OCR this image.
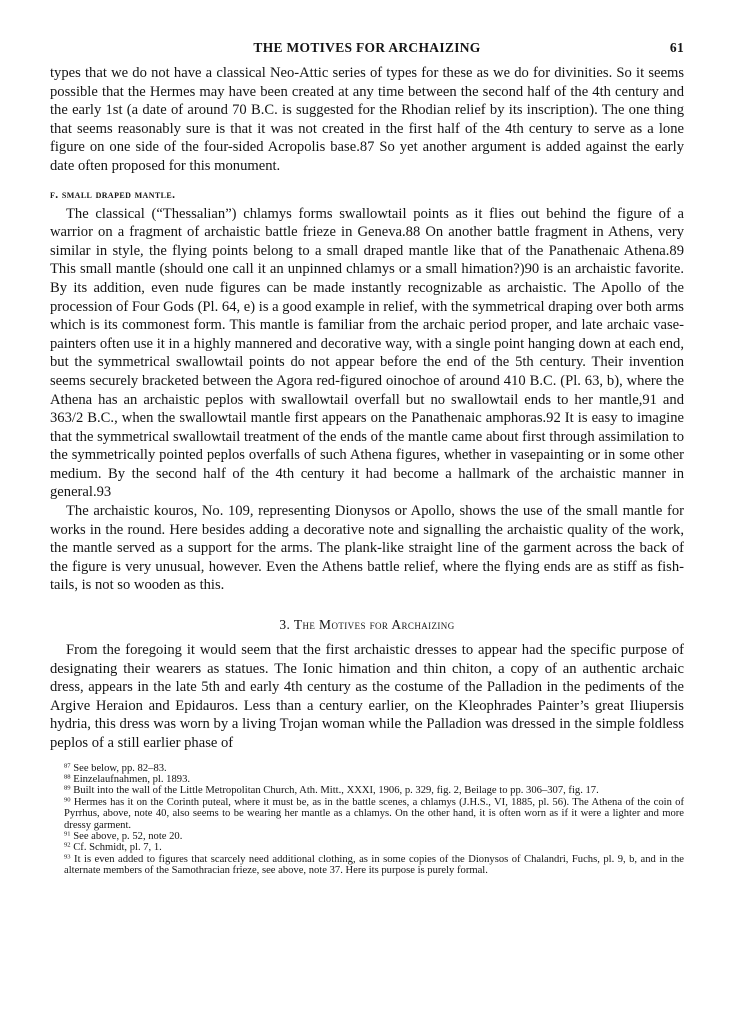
THE MOTIVES FOR ARCHAIZING	61

types that we do not have a classical Neo-Attic series of types for these as we do for divinities. So it seems possible that the Hermes may have been created at any time between the second half of the 4th century and the early 1st (a date of around 70 B.C. is suggested for the Rhodian relief by its inscription). The one thing that seems reasonably sure is that it was not created in the first half of the 4th century to serve as a lone figure on one side of the four-sided Acropolis base.87 So yet another argument is added against the early date often proposed for this monument.

f. small draped mantle.

The classical (“Thessalian”) chlamys forms swallowtail points as it flies out behind the figure of a warrior on a fragment of archaistic battle frieze in Geneva.88 On another battle fragment in Athens, very similar in style, the flying points belong to a small draped mantle like that of the Panathenaic Athena.89 This small mantle (should one call it an unpinned chlamys or a small himation?)90 is an archaistic favorite. By its addition, even nude figures can be made instantly recognizable as archaistic. The Apollo of the procession of Four Gods (Pl. 64, e) is a good example in relief, with the symmetrical draping over both arms which is its commonest form. This mantle is familiar from the archaic period proper, and late archaic vase-painters often use it in a highly mannered and decorative way, with a single point hanging down at each end, but the symmetrical swallowtail points do not appear before the end of the 5th century. Their invention seems securely bracketed between the Agora red-figured oinochoe of around 410 B.C. (Pl. 63, b), where the Athena has an archaistic peplos with swallowtail overfall but no swallowtail ends to her mantle,91 and 363/2 B.C., when the swallowtail mantle first appears on the Panathenaic amphoras.92 It is easy to imagine that the symmetrical swallowtail treatment of the ends of the mantle came about first through assimilation to the symmetrically pointed peplos overfalls of such Athena figures, whether in vasepainting or in some other medium. By the second half of the 4th century it had become a hallmark of the archaistic manner in general.93

The archaistic kouros, No. 109, representing Dionysos or Apollo, shows the use of the small mantle for works in the round. Here besides adding a decorative note and signalling the archaistic quality of the work, the mantle served as a support for the arms. The plank-like straight line of the garment across the back of the figure is very unusual, however. Even the Athens battle relief, where the flying ends are as stiff as fish-tails, is not so wooden as this.

3. The Motives for Archaizing

From the foregoing it would seem that the first archaistic dresses to appear had the specific purpose of designating their wearers as statues. The Ionic himation and thin chiton, a copy of an authentic archaic dress, appears in the late 5th and early 4th century as the costume of the Palladion in the pediments of the Argive Heraion and Epidauros. Less than a century earlier, on the Kleophrades Painter’s great Iliupersis hydria, this dress was worn by a living Trojan woman while the Palladion was dressed in the simple foldless peplos of a still earlier phase of

$^{87}$ See below, pp. 82–83.
$^{88}$ Einzelaufnahmen, pl. 1893.
$^{89}$ Built into the wall of the Little Metropolitan Church, Ath. Mitt., XXXI, 1906, p. 329, fig. 2, Beilage to pp. 306–307, fig. 17.
$^{90}$ Hermes has it on the Corinth puteal, where it must be, as in the battle scenes, a chlamys (J.H.S., VI, 1885, pl. 56). The Athena of the coin of Pyrrhus, above, note 40, also seems to be wearing her mantle as a chlamys. On the other hand, it is often worn as if it were a lighter and more dressy garment.
$^{91}$ See above, p. 52, note 20.
$^{92}$ Cf. Schmidt, pl. 7, 1.
$^{93}$ It is even added to figures that scarcely need additional clothing, as in some copies of the Dionysos of Chalandri, Fuchs, pl. 9, b, and in the alternate members of the Samothracian frieze, see above, note 37. Here its purpose is purely formal.
